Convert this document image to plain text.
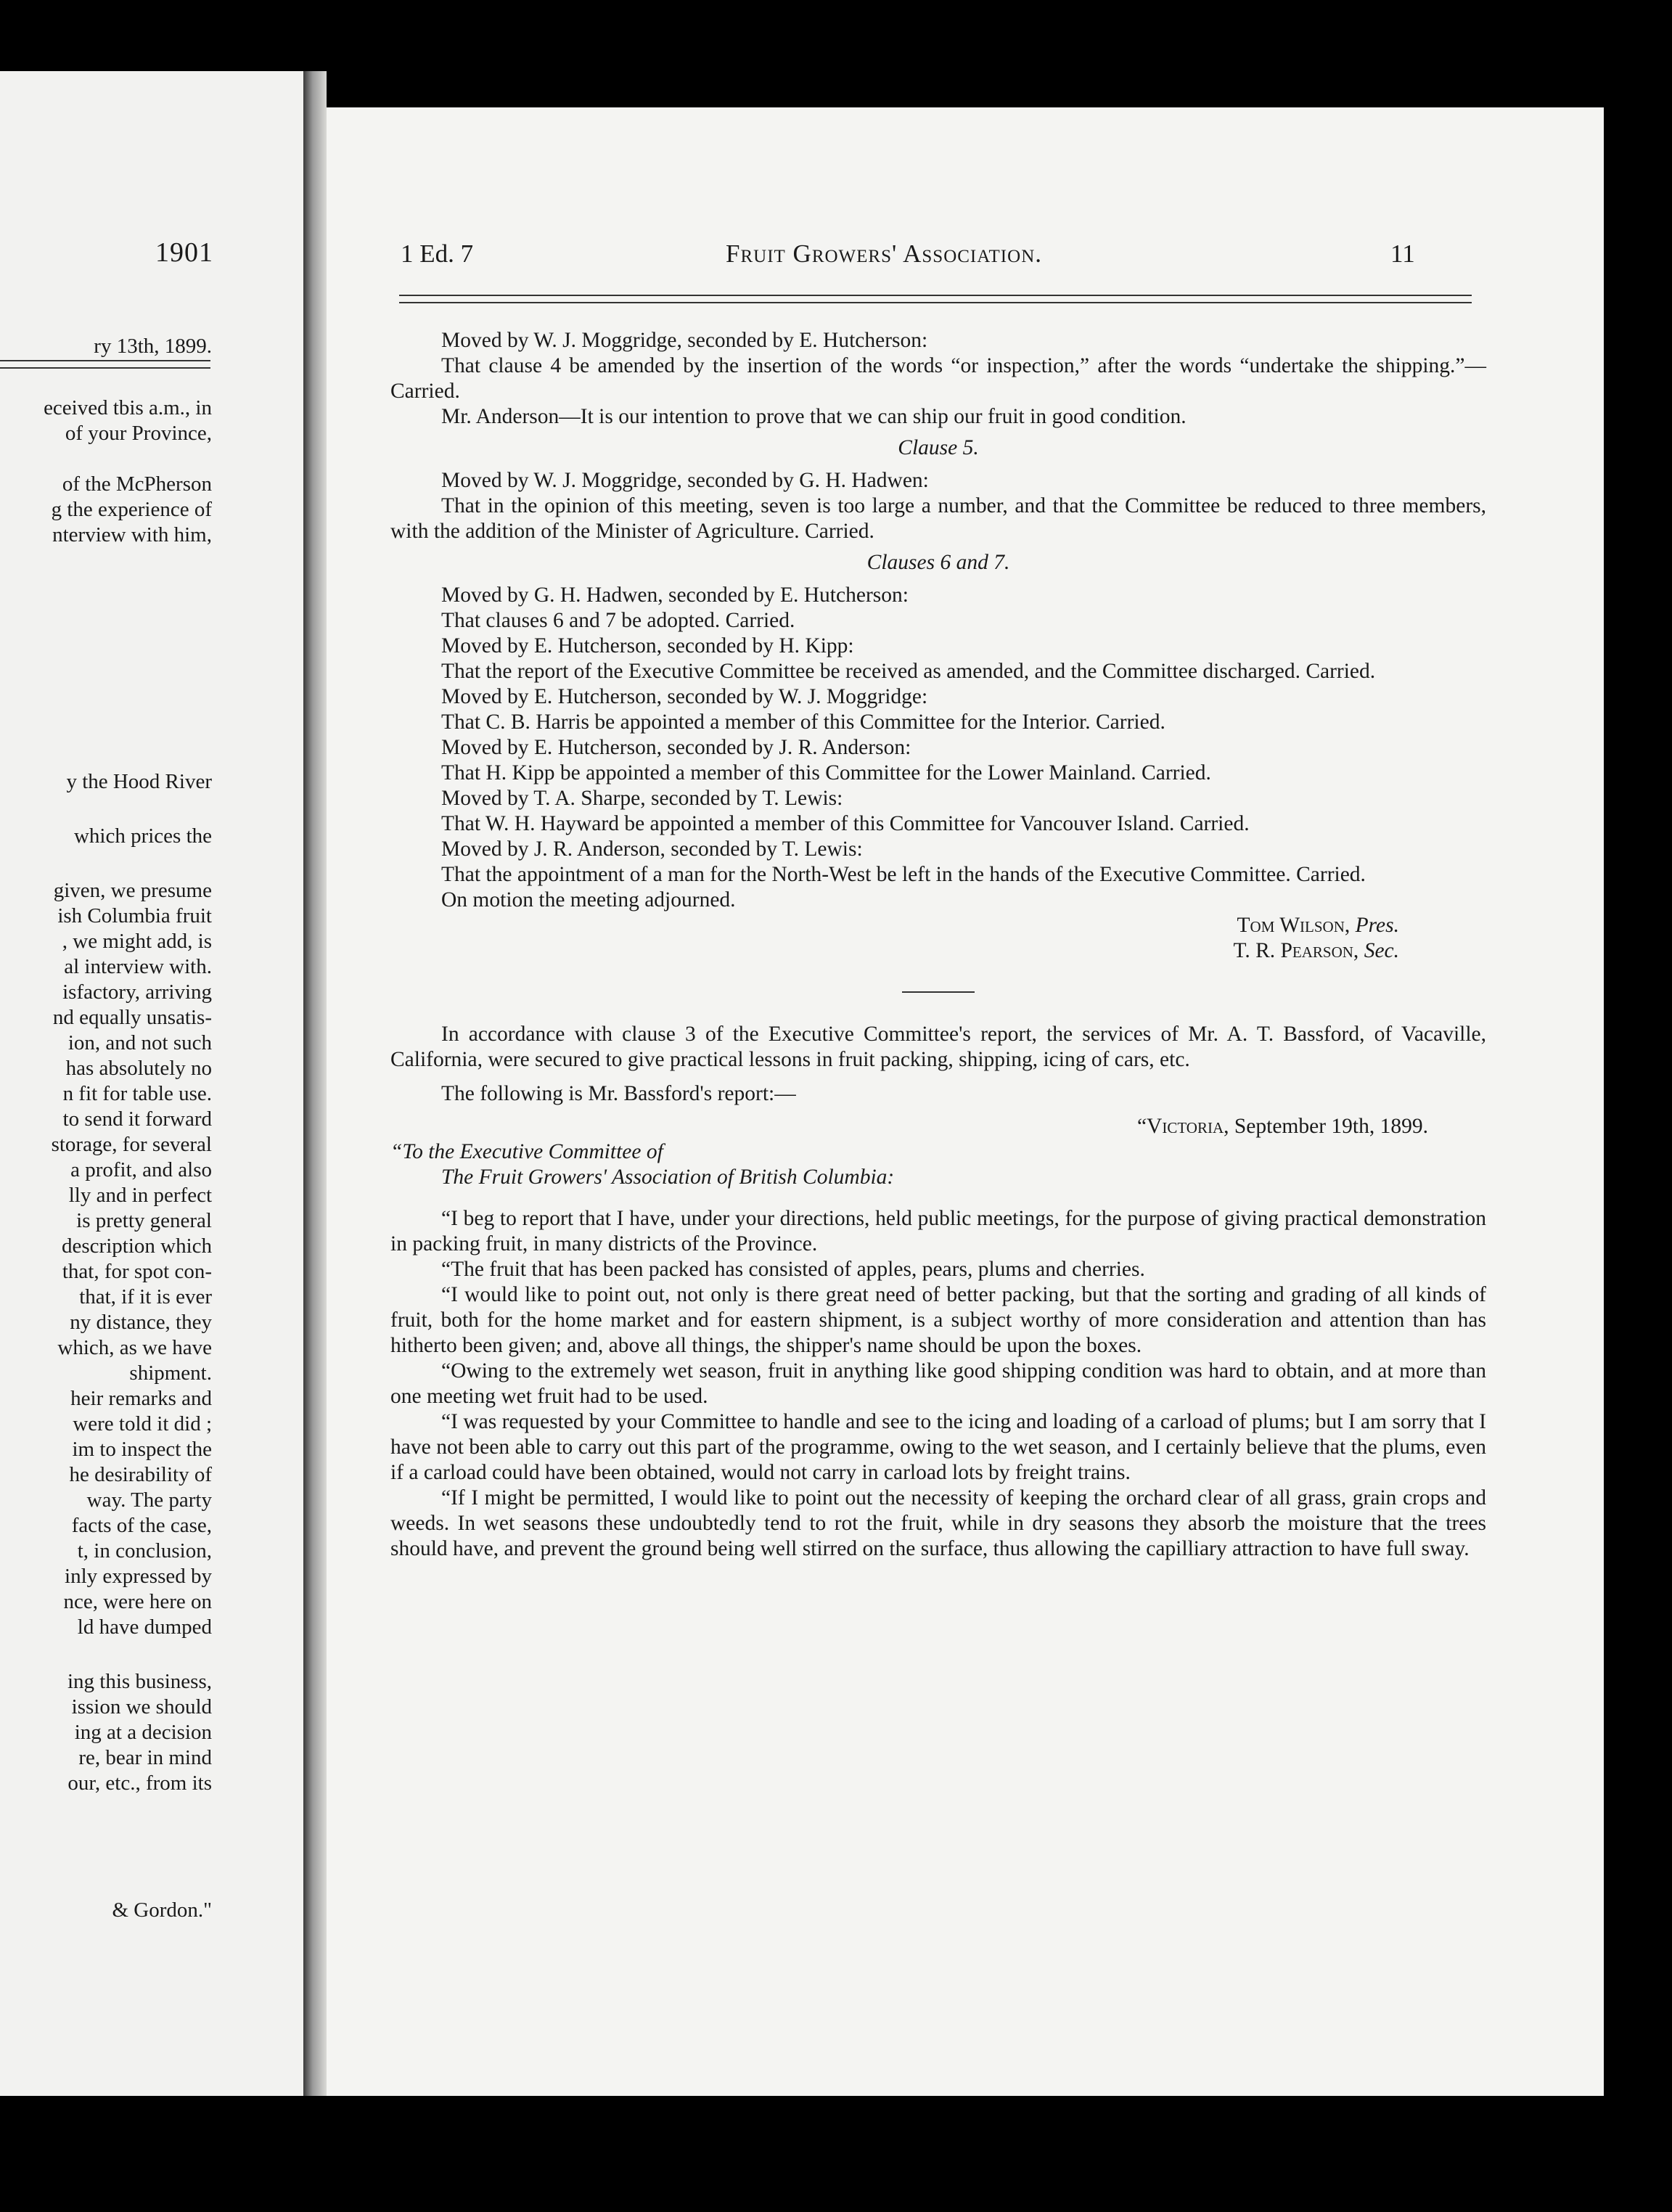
1901
ry 13th, 1899.
eceived tbis a.m., in
of your Province,
of the McPherson
g the experience of
nterview with him,
y the Hood River
which prices the
given, we presume
ish Columbia fruit
, we might add, is
al interview with.
isfactory, arriving
nd equally unsatis-
ion, and not such
has absolutely no
n fit for table use.
to send it forward
storage, for several
a profit, and also
lly and in perfect
is pretty general
description which
that, for spot con-
that, if it is ever
ny distance, they
which, as we have
shipment.
heir remarks and
were told it did ;
im to inspect the
he desirability of
way. The party
facts of the case,
t, in conclusion,
inly expressed by
nce, were here on
ld have dumped
ing this business,
ission we should
ing at a decision
re, bear in mind
our, etc., from its
& Gordon."
1 Ed. 7	Fruit Growers' Association.	11

Moved by W. J. Moggridge, seconded by E. Hutcherson:

That clause 4 be amended by the insertion of the words “or inspection,” after the words “undertake the shipping.”—Carried.

Mr. Anderson—It is our intention to prove that we can ship our fruit in good condition.

Clause 5.

Moved by W. J. Moggridge, seconded by G. H. Hadwen:

That in the opinion of this meeting, seven is too large a number, and that the Committee be reduced to three members, with the addition of the Minister of Agriculture. Carried.

Clauses 6 and 7.

Moved by G. H. Hadwen, seconded by E. Hutcherson:

That clauses 6 and 7 be adopted. Carried.

Moved by E. Hutcherson, seconded by H. Kipp:

That the report of the Executive Committee be received as amended, and the Committee discharged. Carried.

Moved by E. Hutcherson, seconded by W. J. Moggridge:

That C. B. Harris be appointed a member of this Committee for the Interior. Carried.

Moved by E. Hutcherson, seconded by J. R. Anderson:

That H. Kipp be appointed a member of this Committee for the Lower Mainland. Carried.

Moved by T. A. Sharpe, seconded by T. Lewis:

That W. H. Hayward be appointed a member of this Committee for Vancouver Island. Carried.

Moved by J. R. Anderson, seconded by T. Lewis:

That the appointment of a man for the North-West be left in the hands of the Executive Committee. Carried.

On motion the meeting adjourned.

Tom Wilson, Pres.

T. R. Pearson, Sec.

In accordance with clause 3 of the Executive Committee's report, the services of Mr. A. T. Bassford, of Vacaville, California, were secured to give practical lessons in fruit packing, shipping, icing of cars, etc.

The following is Mr. Bassford's report:—

“Victoria, September 19th, 1899.

“To the Executive Committee of

The Fruit Growers' Association of British Columbia:

“I beg to report that I have, under your directions, held public meetings, for the purpose of giving practical demonstration in packing fruit, in many districts of the Province.

“The fruit that has been packed has consisted of apples, pears, plums and cherries.

“I would like to point out, not only is there great need of better packing, but that the sorting and grading of all kinds of fruit, both for the home market and for eastern shipment, is a subject worthy of more consideration and attention than has hitherto been given; and, above all things, the shipper's name should be upon the boxes.

“Owing to the extremely wet season, fruit in anything like good shipping condition was hard to obtain, and at more than one meeting wet fruit had to be used.

“I was requested by your Committee to handle and see to the icing and loading of a carload of plums; but I am sorry that I have not been able to carry out this part of the programme, owing to the wet season, and I certainly believe that the plums, even if a carload could have been obtained, would not carry in carload lots by freight trains.

“If I might be permitted, I would like to point out the necessity of keeping the orchard clear of all grass, grain crops and weeds. In wet seasons these undoubtedly tend to rot the fruit, while in dry seasons they absorb the moisture that the trees should have, and prevent the ground being well stirred on the surface, thus allowing the capilliary attraction to have full sway.
